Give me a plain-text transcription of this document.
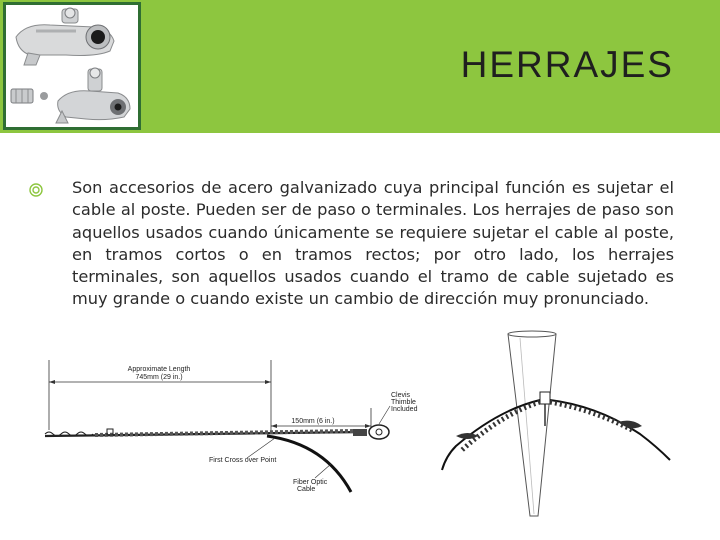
HERRAJES
Son accesorios de acero galvanizado cuya principal función es sujetar el cable al poste. Pueden ser de paso o terminales. Los herrajes de paso son aquellos usados cuando únicamente se requiere sujetar el cable al poste, en tramos cortos o en tramos rectos; por otro lado, los herrajes terminales, son aquellos usados cuando el tramo de cable sujetado es muy grande o cuando existe un cambio de dirección muy pronunciado.
Approximate Length
745mm (29 in.)
150mm (6 in.)
Clevis
Thimble
Included
First Cross over Point
Fiber Optic
Cable
